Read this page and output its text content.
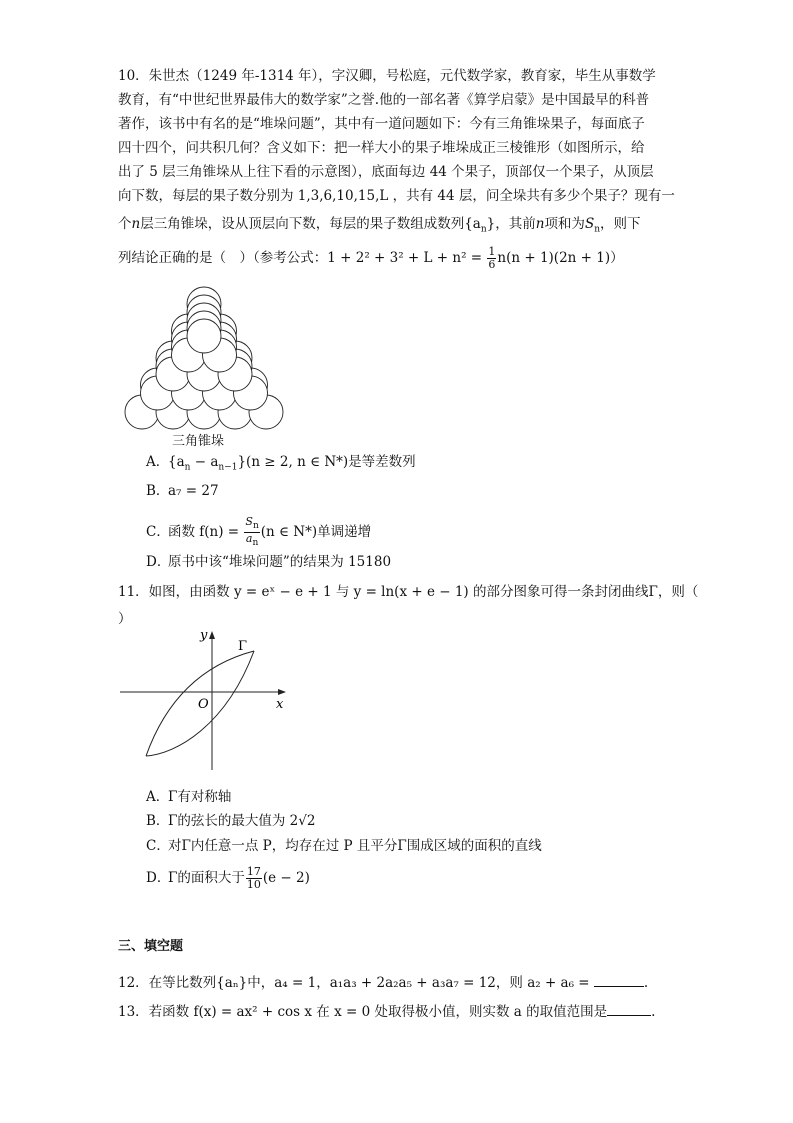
10．朱世杰（1249 年-1314 年），字汉卿，号松庭，元代数学家，教育家，毕生从事数学
教育，有“中世纪世界最伟大的数学家”之誉.他的一部名著《算学启蒙》是中国最早的科普
著作，该书中有名的是“堆垛问题”，其中有一道问题如下：今有三角锥垛果子，每面底子
四十四个，问共积几何？含义如下：把一样大小的果子堆垛成正三棱锥形（如图所示，给
出了 5 层三角锥垛从上往下看的示意图），底面每边 44 个果子，顶部仅一个果子，从顶层
向下数，每层的果子数分别为 1,3,6,10,15,L ，共有 44 层，问全垛共有多少个果子？现有一
个n层三角锥垛，设从顶层向下数，每层的果子数组成数列$\{a_n\}$，其前n项和为$S_n$，则下
列结论正确的是（　）（参考公式：$1 + 2^2 + 3^2 + L + n^2 = \frac{1}{6} n(n + 1)(2n + 1)$）
三角锥垛
A．$\{a_n - a_{n-1}\}(n \ge 2$, n ∈ N*)是等差数列
B．a₇ = 27
C．函数 $f(n) = \frac{S_n}{a_n} (n$ ∈ N*)单调递增
D．原书中该“堆垛问题”的结果为 15180
11．如图，由函数 y = eˣ − e + 1 与 y = ln(x + e − 1) 的部分图象可得一条封闭曲线Γ，则（
）
y
x
O
Γ
A．Γ有对称轴
B．Γ的弦长的最大值为 2√2
C．对Γ内任意一点 P，均存在过 P 且平分Γ围成区域的面积的直线
D．Γ的面积大于 $\frac{17}{10} (e - 2)$
三、填空题
12．在等比数列{aₙ}中，a₄ = 1，a₁a₃ + 2a₂a₅ + a₃a₇ = 12，则 a₂ + a₆ =	.
13．若函数 f(x) = ax² + cos x 在 x = 0 处取得极小值，则实数 a 的取值范围是	.
